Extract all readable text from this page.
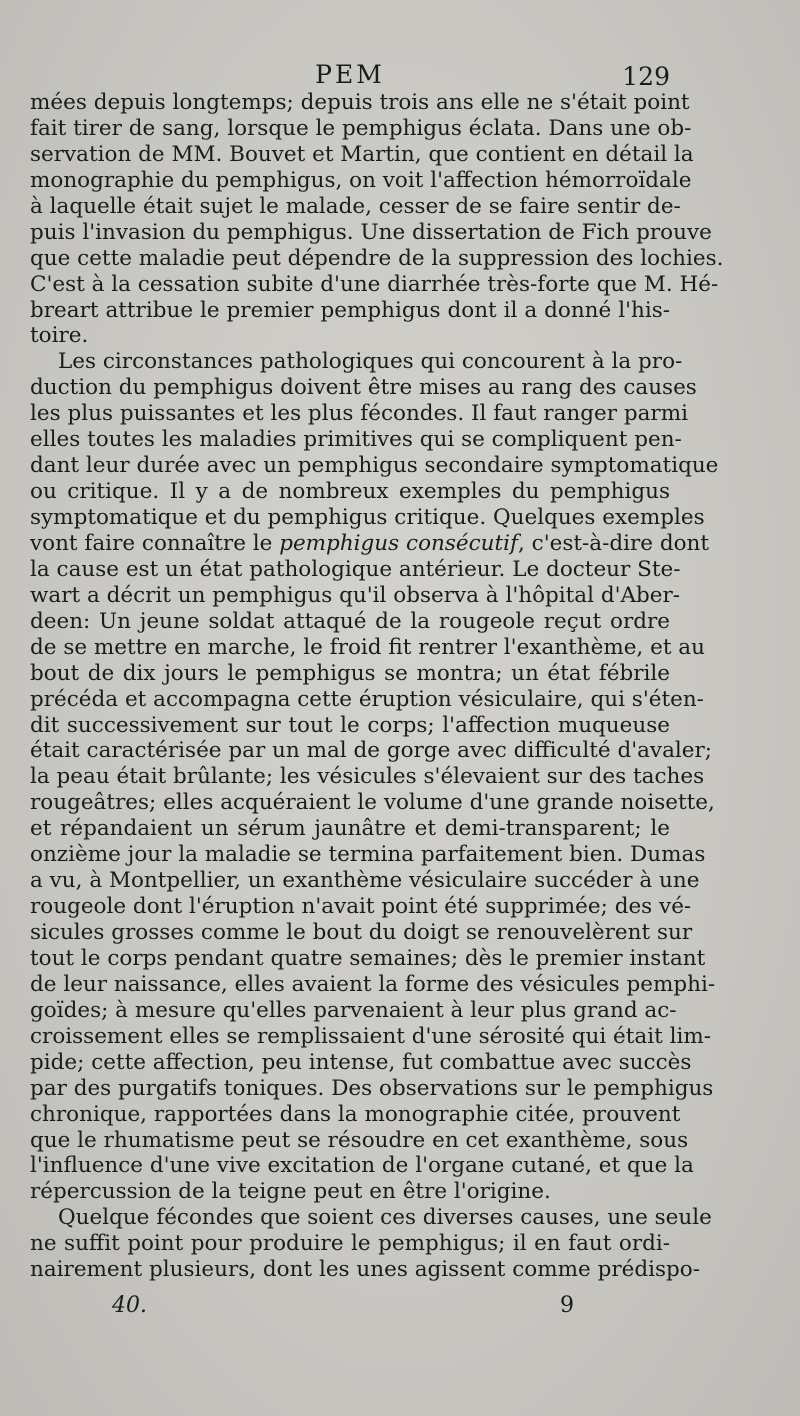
PEM	129
mées depuis longtemps; depuis trois ans elle ne s'était point
fait tirer de sang, lorsque le pemphigus éclata. Dans une ob-
servation de MM. Bouvet et Martin, que contient en détail la
monographie du pemphigus, on voit l'affection hémorroïdale
à laquelle était sujet le malade, cesser de se faire sentir de-
puis l'invasion du pemphigus. Une dissertation de Fich prouve
que cette maladie peut dépendre de la suppression des lochies.
C'est à la cessation subite d'une diarrhée très-forte que M. Hé-
breart attribue le premier pemphigus dont il a donné l'his-
toire.
Les circonstances pathologiques qui concourent à la pro-
duction du pemphigus doivent être mises au rang des causes
les plus puissantes et les plus fécondes. Il faut ranger parmi
elles toutes les maladies primitives qui se compliquent pen-
dant leur durée avec un pemphigus secondaire symptomatique
ou critique. Il y a de nombreux exemples du pemphigus
symptomatique et du pemphigus critique. Quelques exemples
vont faire connaître le pemphigus consécutif, c'est-à-dire dont
la cause est un état pathologique antérieur. Le docteur Ste-
wart a décrit un pemphigus qu'il observa à l'hôpital d'Aber-
deen: Un jeune soldat attaqué de la rougeole reçut ordre
de se mettre en marche, le froid fit rentrer l'exanthème, et au
bout de dix jours le pemphigus se montra; un état fébrile
précéda et accompagna cette éruption vésiculaire, qui s'éten-
dit successivement sur tout le corps; l'affection muqueuse
était caractérisée par un mal de gorge avec difficulté d'avaler;
la peau était brûlante; les vésicules s'élevaient sur des taches
rougeâtres; elles acquéraient le volume d'une grande noisette,
et répandaient un sérum jaunâtre et demi-transparent; le
onzième jour la maladie se termina parfaitement bien. Dumas
a vu, à Montpellier, un exanthème vésiculaire succéder à une
rougeole dont l'éruption n'avait point été supprimée; des vé-
sicules grosses comme le bout du doigt se renouvelèrent sur
tout le corps pendant quatre semaines; dès le premier instant
de leur naissance, elles avaient la forme des vésicules pemphi-
goïdes; à mesure qu'elles parvenaient à leur plus grand ac-
croissement elles se remplissaient d'une sérosité qui était lim-
pide; cette affection, peu intense, fut combattue avec succès
par des purgatifs toniques. Des observations sur le pemphigus
chronique, rapportées dans la monographie citée, prouvent
que le rhumatisme peut se résoudre en cet exanthème, sous
l'influence d'une vive excitation de l'organe cutané, et que la
répercussion de la teigne peut en être l'origine.
Quelque fécondes que soient ces diverses causes, une seule
ne suffit point pour produire le pemphigus; il en faut ordi-
nairement plusieurs, dont les unes agissent comme prédispo-
40.	9
